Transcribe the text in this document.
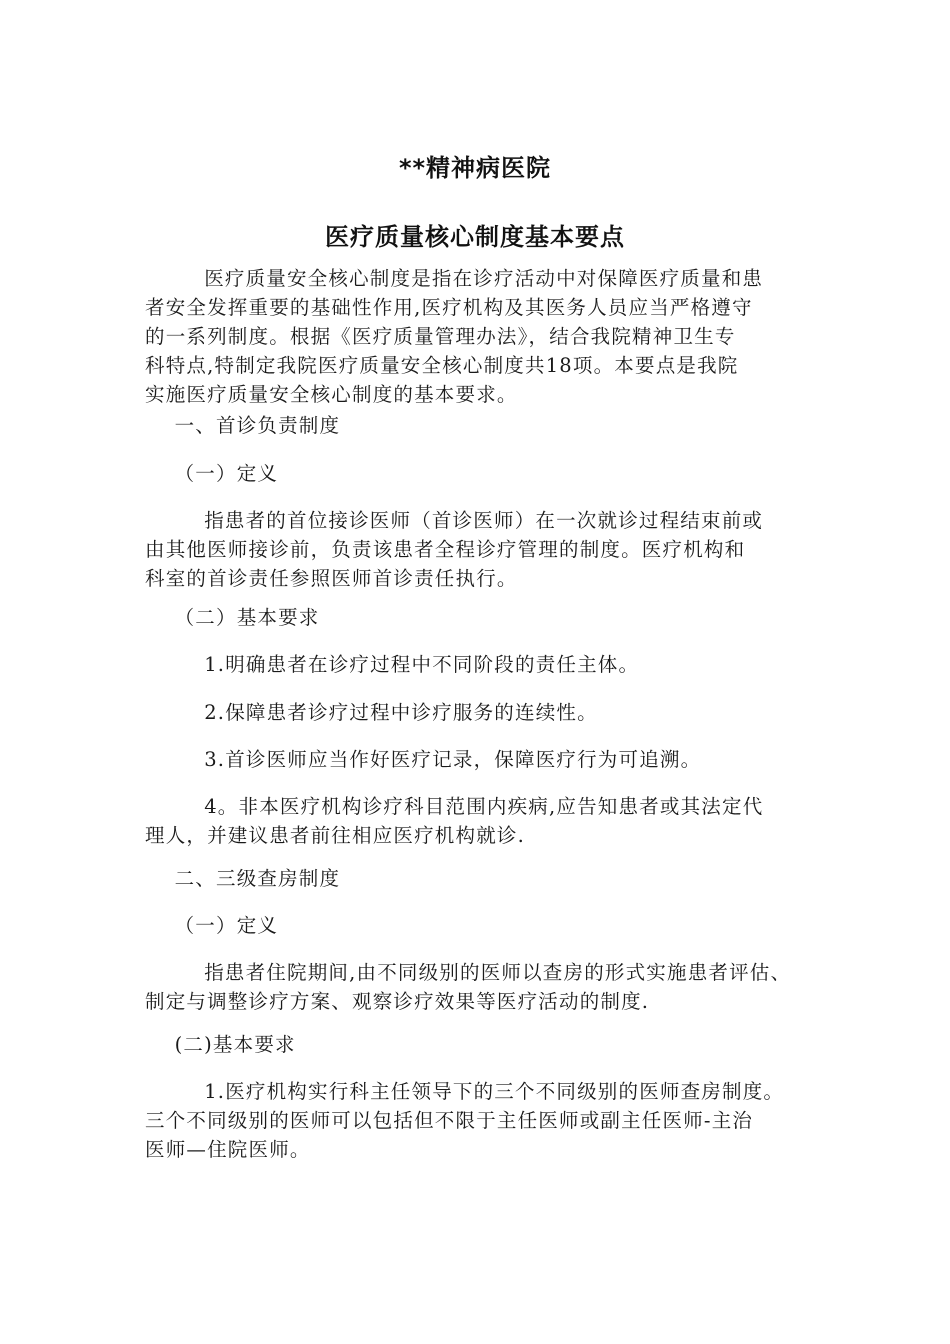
**精神病医院
医疗质量核心制度基本要点

医疗质量安全核心制度是指在诊疗活动中对保障医疗质量和患
者安全发挥重要的基础性作用,医疗机构及其医务人员应当严格遵守
的一系列制度。根据《医疗质量管理办法》，结合我院精神卫生专
科特点,特制定我院医疗质量安全核心制度共18项。本要点是我院
实施医疗质量安全核心制度的基本要求。

一、首诊负责制度

（一）定义

指患者的首位接诊医师（首诊医师）在一次就诊过程结束前或
由其他医师接诊前，负责该患者全程诊疗管理的制度。医疗机构和
科室的首诊责任参照医师首诊责任执行。

（二）基本要求

1.明确患者在诊疗过程中不同阶段的责任主体。

2.保障患者诊疗过程中诊疗服务的连续性。

3.首诊医师应当作好医疗记录，保障医疗行为可追溯。

4。非本医疗机构诊疗科目范围内疾病,应告知患者或其法定代
理人，并建议患者前往相应医疗机构就诊.

二、三级查房制度

（一）定义

指患者住院期间,由不同级别的医师以查房的形式实施患者评估、
制定与调整诊疗方案、观察诊疗效果等医疗活动的制度.

(二)基本要求

1.医疗机构实行科主任领导下的三个不同级别的医师查房制度。
三个不同级别的医师可以包括但不限于主任医师或副主任医师-主治
医师—住院医师。
